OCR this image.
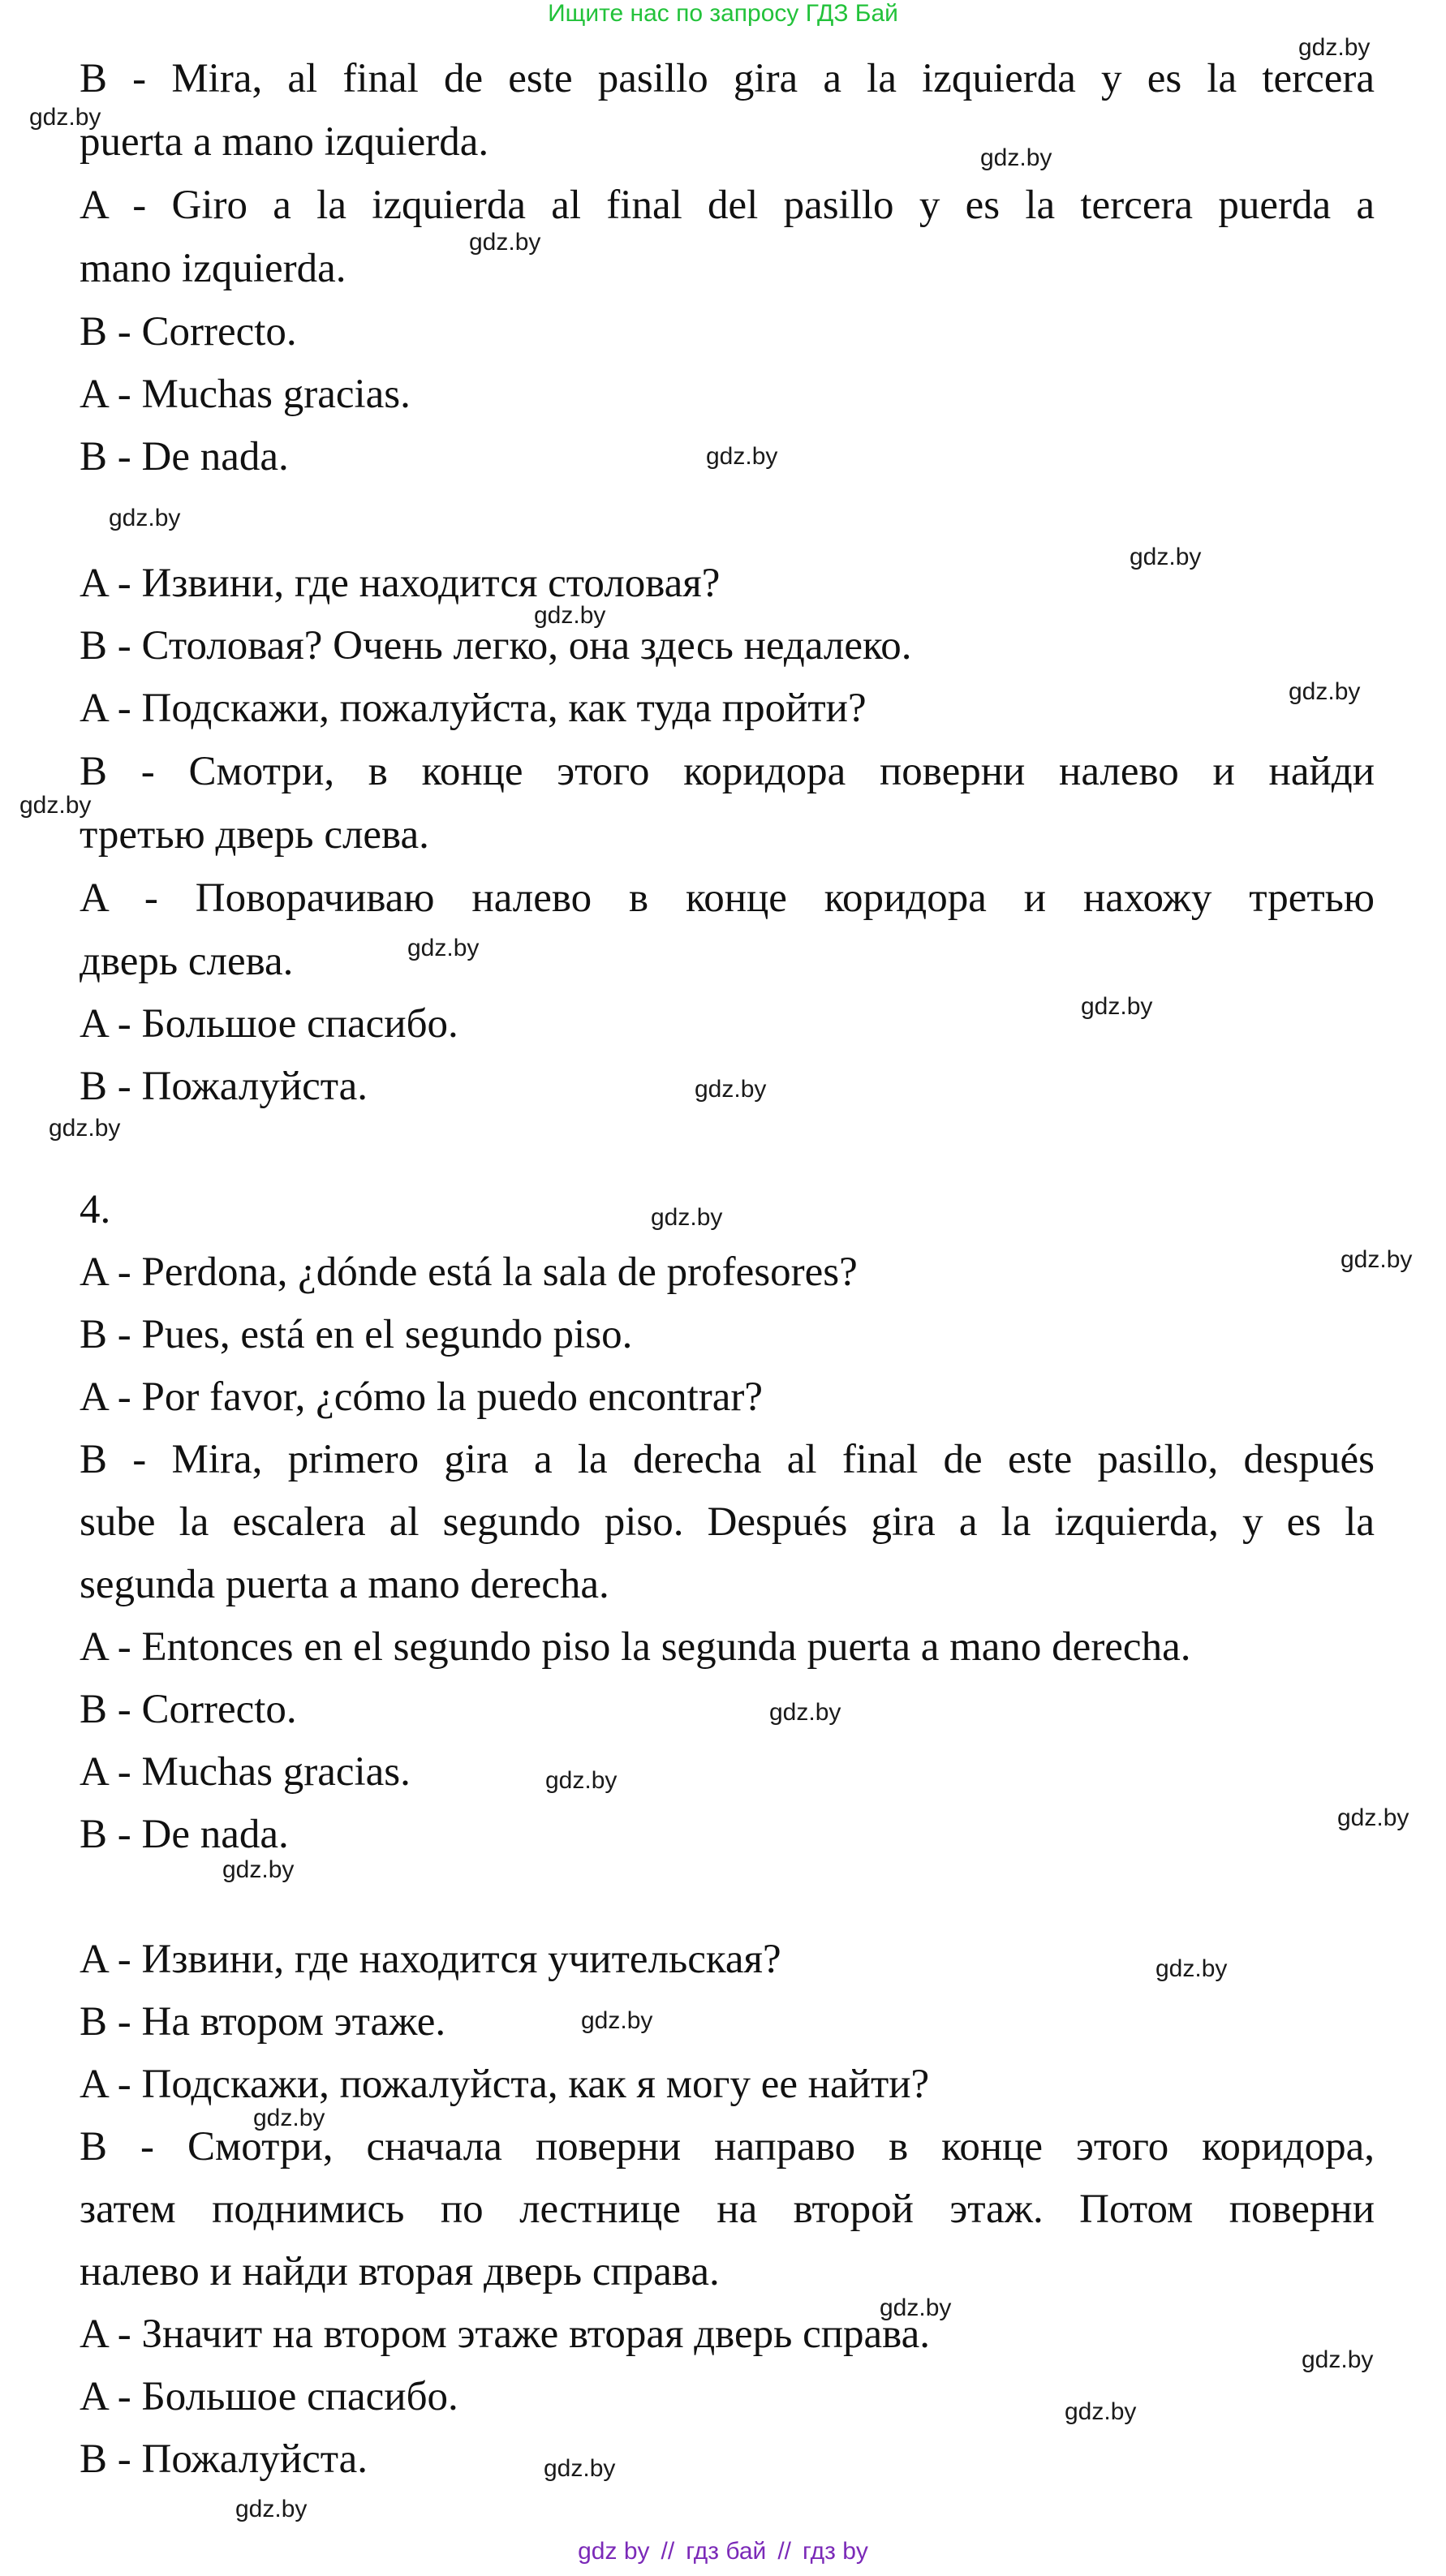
Ищите нас по запросу ГДЗ Бай
B - Mira, al final de este pasillo gira a la izquierda y es la tercera
puerta a mano izquierda.
A - Giro a la izquierda al final del pasillo y es la tercera puerda a
mano izquierda.
B - Correcto.
A - Muchas gracias.
B - De nada.
A - Извини, где находится столовая?
B - Столовая? Очень легко, она здесь недалеко.
A - Подскажи, пожалуйста, как туда пройти?
B - Смотри, в конце этого коридора поверни налево и найди
третью дверь слева.
A - Поворачиваю налево в конце коридора и нахожу третью
дверь слева.
A - Большое спасибо.
B - Пожалуйста.
4.
A - Perdona, ¿dónde está la sala de profesores?
B - Pues, está en el segundo piso.
A - Por favor, ¿cómo la puedo encontrar?
B - Mira, primero gira a la derecha al final de este pasillo, después
sube la escalera al segundo piso. Después gira a la izquierda, y es la
segunda puerta a mano derecha.
A - Entonces en el segundo piso la segunda puerta a mano derecha.
B - Correcto.
A - Muchas gracias.
B - De nada.
A - Извини, где находится учительская?
B - На втором этаже.
A - Подскажи, пожалуйста, как я могу ее найти?
B - Смотри, сначала поверни направо в конце этого коридора,
затем поднимись по лестнице на второй этаж. Потом поверни
налево и найди вторая дверь справа.
A - Значит на втором этаже вторая дверь справа.
A - Большое спасибо.
B - Пожалуйста.
gdz.by
gdz.by
gdz.by
gdz.by
gdz.by
gdz.by
gdz.by
gdz.by
gdz.by
gdz.by
gdz.by
gdz.by
gdz.by
gdz.by
gdz.by
gdz.by
gdz.by
gdz.by
gdz.by
gdz.by
gdz.by
gdz.by
gdz.by
gdz.by
gdz.by
gdz.by
gdz.by
gdz.by
gdz by // гдз бай // гдз by
